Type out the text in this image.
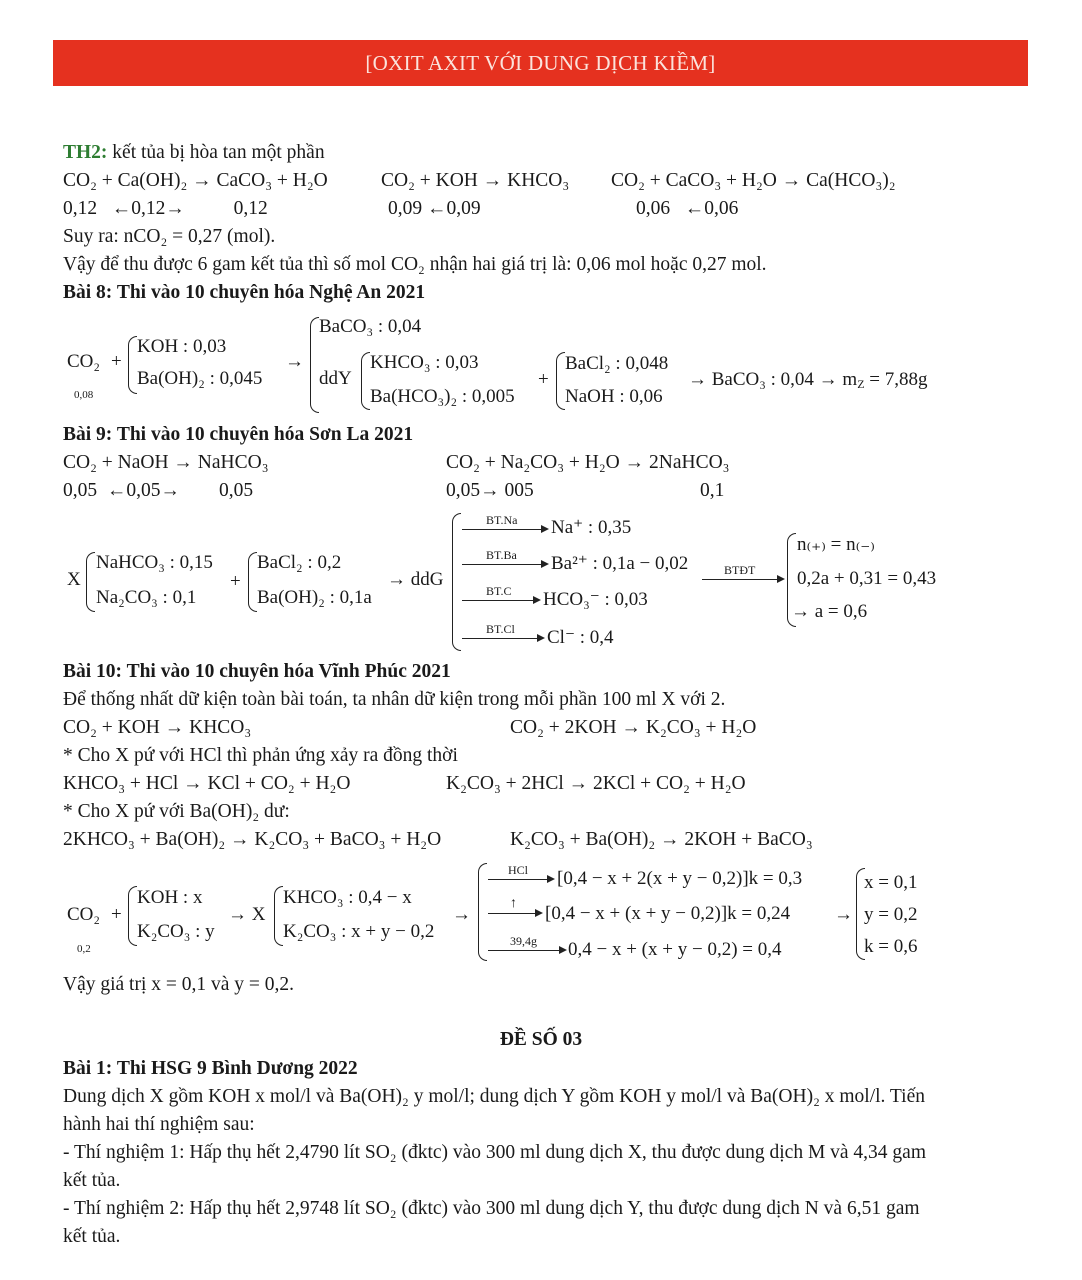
[OXIT AXIT VỚI DUNG DỊCH KIỀM]
TH2: kết tủa bị hòa tan một phần
CO₂ + Ca(OH)₂ → CaCO₃ + H₂O	CO₂ + KOH → KHCO₃ CO₂ + CaCO₃ + H₂O → Ca(HCO₃)₂
0,12   ←0,12→          0,12	0,09 ←0,09	0,06   ←0,06
Suy ra: nCO₂ = 0,27 (mol).
Vậy để thu được 6 gam kết tủa thì số mol CO₂ nhận hai giá trị là: 0,06 mol hoặc 0,27 mol.
Bài 8: Thi vào 10 chuyên hóa Nghệ An 2021
CO₂
0,08
+
KOH : 0,03
Ba(OH)₂ : 0,045
→
BaCO₃ : 0,04
ddY
KHCO₃ : 0,03
Ba(HCO₃)₂ : 0,005
+
BaCl₂ : 0,048
NaOH : 0,06
→ BaCO₃ : $0,04 \to m_Z = 7,88g$
Bài 9: Thi vào 10 chuyên hóa Sơn La 2021
CO₂ + NaOH → NaHCO₃	CO₂ + Na₂CO₃ + H₂O → 2NaHCO₃
0,05  ←0,05→        0,05	0,05→ 005	0,1
X
NaHCO₃ : 0,15
Na₂CO₃ : 0,1
+
BaCl₂ : 0,2
Ba(OH)₂ : 0,1a
→ ddG
BT.Na Na⁺ : 0,35
BT.Ba Ba²⁺ : 0,1a − 0,02
BT.C HCO₃⁻ : 0,03
BT.Cl Cl⁻ : 0,4
BTĐT
n₍₊₎ = n₍₋₎
0,2a + 0,31 = 0,43
→ a = 0,6
Bài 10: Thi vào 10 chuyên hóa Vĩnh Phúc 2021
Để thống nhất dữ kiện toàn bài toán, ta nhân dữ kiện trong mỗi phần 100 ml X với 2.
CO₂ + KOH → KHCO₃	CO₂ + 2KOH → K₂CO₃ + H₂O
* Cho X pứ với HCl thì phản ứng xảy ra đồng thời
KHCO₃ + HCl → KCl + CO₂ + H₂O	K₂CO₃ + 2HCl → 2KCl + CO₂ + H₂O
* Cho X pứ với Ba(OH)₂ dư:
2KHCO₃ + Ba(OH)₂ → K₂CO₃ + BaCO₃ + H₂O	K₂CO₃ + Ba(OH)₂ → 2KOH + BaCO₃
CO₂
0,2
+
KOH : x
K₂CO₃ : y
→ X
KHCO₃ : 0,4 − x
K₂CO₃ : x + y − 0,2
→
HCl [0,4 − x + 2(x + y − 0,2)]k = 0,3
↑ [0,4 − x + (x + y − 0,2)]k = 0,24
39,4g 0,4 − x + (x + y − 0,2) = 0,4
→
x = 0,1
y = 0,2
k = 0,6
Vậy giá trị x = 0,1 và y = 0,2.
ĐỀ SỐ 03
Bài 1: Thi HSG 9 Bình Dương 2022
Dung dịch X gồm KOH x mol/l và Ba(OH)₂ y mol/l; dung dịch Y gồm KOH y mol/l và Ba(OH)₂ x mol/l. Tiến
hành hai thí nghiệm sau:
- Thí nghiệm 1: Hấp thụ hết 2,4790 lít SO₂ (đktc) vào 300 ml dung dịch X, thu được dung dịch M và 4,34 gam
kết tủa.
- Thí nghiệm 2: Hấp thụ hết 2,9748 lít SO₂ (đktc) vào 300 ml dung dịch Y, thu được dung dịch N và 6,51 gam
kết tủa.
